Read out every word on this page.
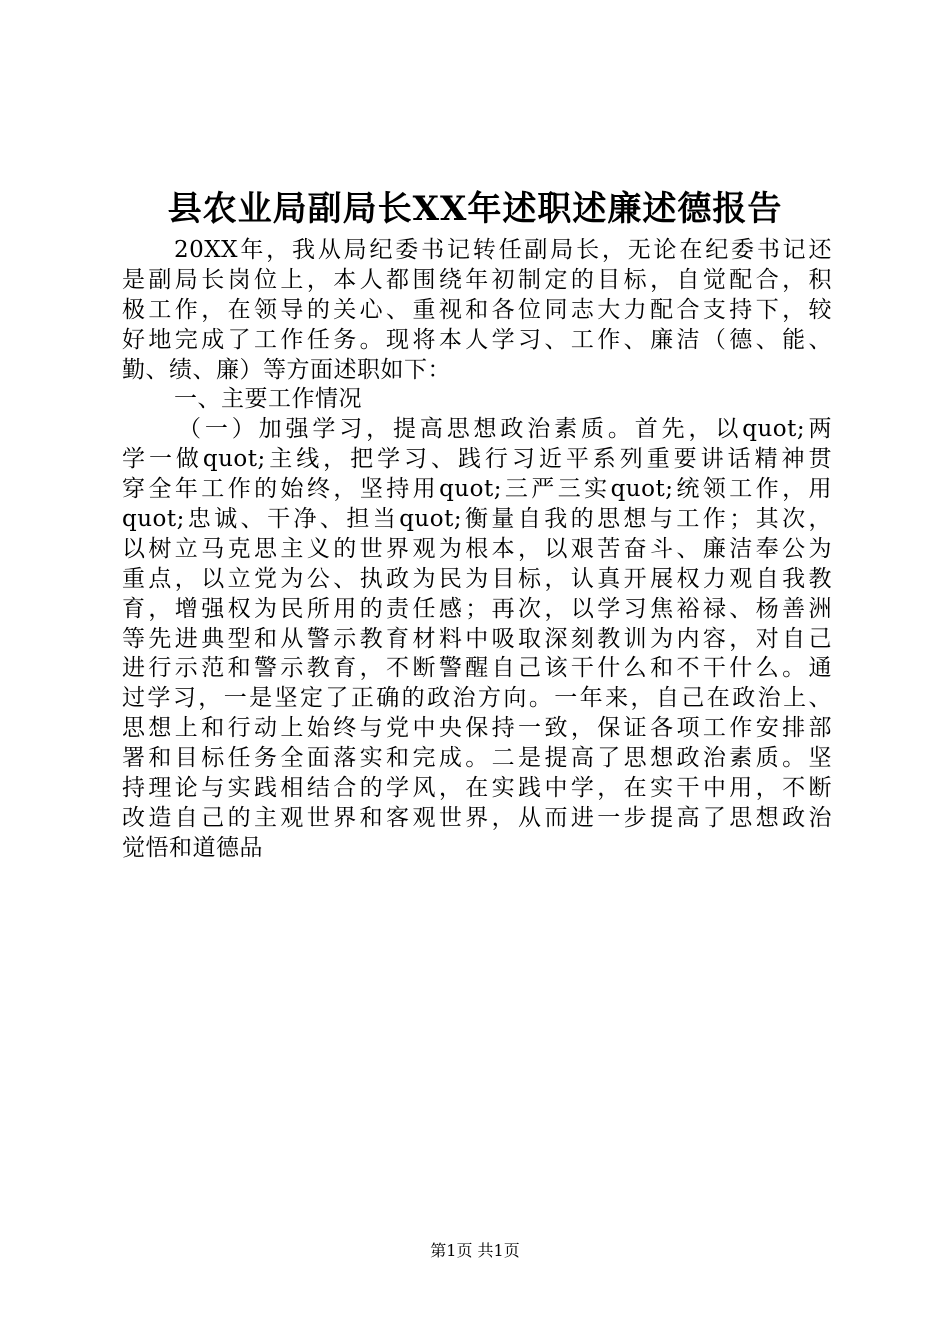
县农业局副局长XX年述职述廉述德报告
20XX年，我从局纪委书记转任副局长，无论在纪委书记还
是副局长岗位上，本人都围绕年初制定的目标，自觉配合，积
极工作，在领导的关心、重视和各位同志大力配合支持下，较
好地完成了工作任务。现将本人学习、工作、廉洁（德、能、
勤、绩、廉）等方面述职如下：
一、主要工作情况
（一）加强学习，提高思想政治素质。首先，以quot;两
学一做quot;主线，把学习、践行习近平系列重要讲话精神贯
穿全年工作的始终，坚持用quot;三严三实quot;统领工作，用
quot;忠诚、干净、担当quot;衡量自我的思想与工作；其次，
以树立马克思主义的世界观为根本，以艰苦奋斗、廉洁奉公为
重点，以立党为公、执政为民为目标，认真开展权力观自我教
育，增强权为民所用的责任感；再次，以学习焦裕禄、杨善洲
等先进典型和从警示教育材料中吸取深刻教训为内容，对自己
进行示范和警示教育，不断警醒自己该干什么和不干什么。通
过学习，一是坚定了正确的政治方向。一年来，自己在政治上、
思想上和行动上始终与党中央保持一致，保证各项工作安排部
署和目标任务全面落实和完成。二是提高了思想政治素质。坚
持理论与实践相结合的学风，在实践中学，在实干中用，不断
改造自己的主观世界和客观世界，从而进一步提高了思想政治
觉悟和道德品
第1页 共1页
